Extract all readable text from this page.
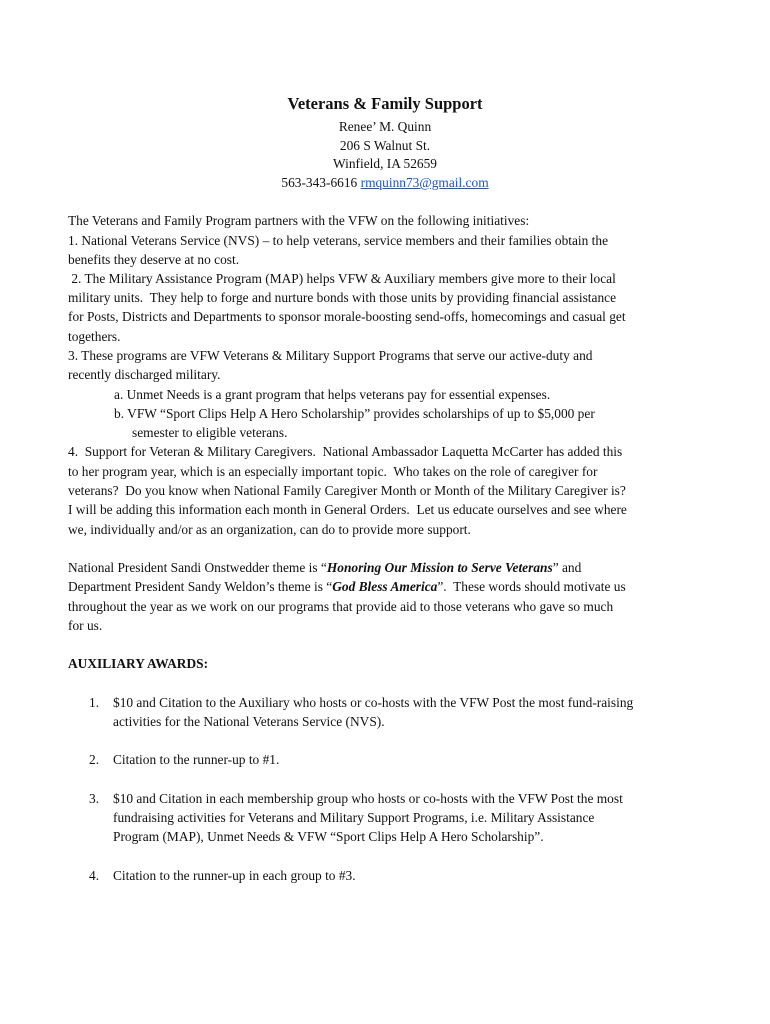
Veterans & Family Support
Renee’ M. Quinn
206 S Walnut St.
Winfield, IA 52659
563-343-6616 rmquinn73@gmail.com
The Veterans and Family Program partners with the VFW on the following initiatives:
1. National Veterans Service (NVS) – to help veterans, service members and their families obtain the
benefits they deserve at no cost.
2. The Military Assistance Program (MAP) helps VFW & Auxiliary members give more to their local
military units.  They help to forge and nurture bonds with those units by providing financial assistance
for Posts, Districts and Departments to sponsor morale-boosting send-offs, homecomings and casual get
togethers.
3. These programs are VFW Veterans & Military Support Programs that serve our active-duty and
recently discharged military.
a. Unmet Needs is a grant program that helps veterans pay for essential expenses.
b. VFW “Sport Clips Help A Hero Scholarship” provides scholarships of up to $5,000 per
semester to eligible veterans.
4.  Support for Veteran & Military Caregivers.  National Ambassador Laquetta McCarter has added this
to her program year, which is an especially important topic.  Who takes on the role of caregiver for
veterans?  Do you know when National Family Caregiver Month or Month of the Military Caregiver is?
I will be adding this information each month in General Orders.  Let us educate ourselves and see where
we, individually and/or as an organization, can do to provide more support.
National President Sandi Onstwedder theme is “Honoring Our Mission to Serve Veterans” and
Department President Sandy Weldon’s theme is “God Bless America”.  These words should motivate us
throughout the year as we work on our programs that provide aid to those veterans who gave so much
for us.
AUXILIARY AWARDS:
1. $10 and Citation to the Auxiliary who hosts or co-hosts with the VFW Post the most fund-raising
activities for the National Veterans Service (NVS).
2. Citation to the runner-up to #1.
3. $10 and Citation in each membership group who hosts or co-hosts with the VFW Post the most
fundraising activities for Veterans and Military Support Programs, i.e. Military Assistance
Program (MAP), Unmet Needs & VFW “Sport Clips Help A Hero Scholarship”.
4. Citation to the runner-up in each group to #3.
